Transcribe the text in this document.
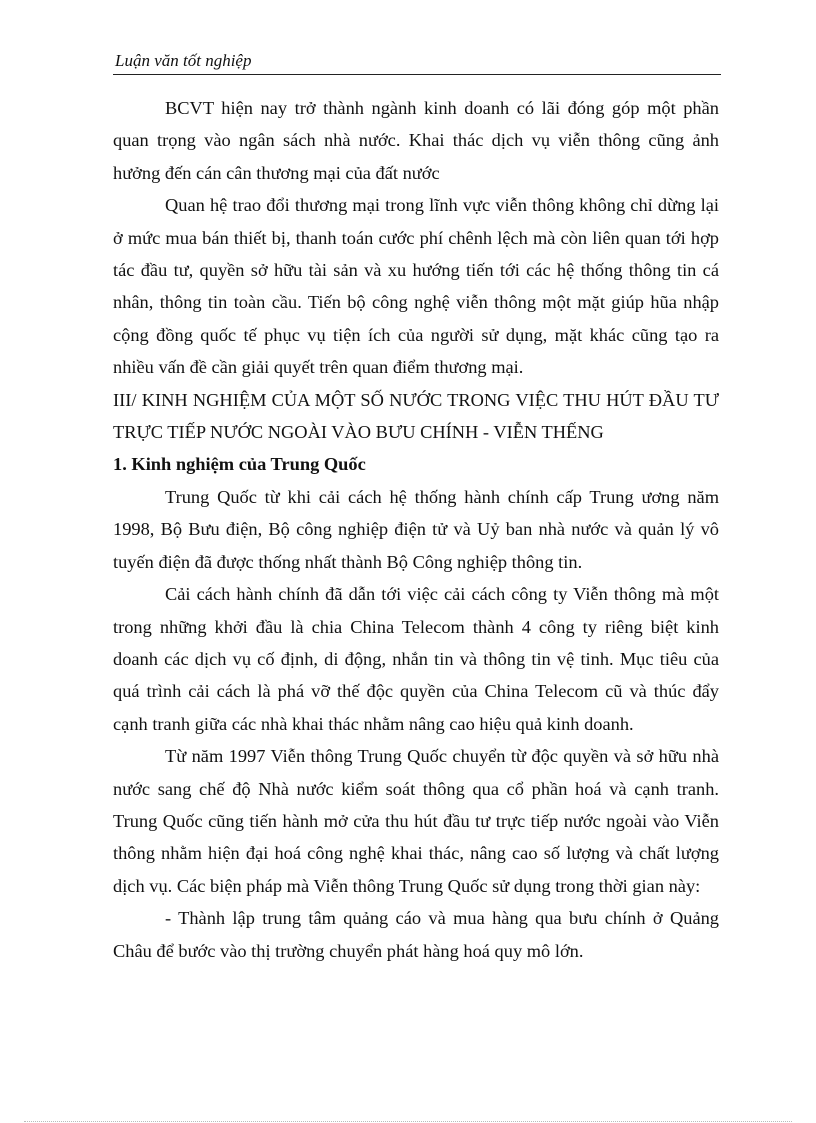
Luận văn tốt nghiệp

BCVT hiện nay trở thành ngành kinh doanh có lãi đóng góp một phần quan trọng vào ngân sách nhà nước. Khai thác dịch vụ viễn thông cũng ảnh hưởng đến cán cân thương mại của đất nước

Quan hệ trao đổi thương mại trong lĩnh vực viễn thông không chỉ dừng lại ở mức mua bán thiết bị, thanh toán cước phí chênh lệch mà còn liên quan tới hợp tác đầu tư, quyền sở hữu tài sản và xu hướng tiến tới các hệ thống thông tin cá nhân, thông tin toàn cầu. Tiến bộ công nghệ viễn thông một mặt giúp hũa nhập cộng đồng quốc tế phục vụ tiện ích của người sử dụng, mặt khác cũng tạo ra nhiều vấn đề cần giải quyết trên quan điểm thương mại.

III/ KINH NGHIỆM CỦA MỘT SỐ NƯỚC TRONG VIỆC THU HÚT ĐẦU TƯ TRỰC TIẾP NƯỚC NGOÀI VÀO BƯU CHÍNH - VIỄN THẾNG

1. Kinh nghiệm của Trung Quốc

Trung Quốc từ khi cải cách hệ thống hành chính cấp Trung ương năm 1998, Bộ Bưu điện, Bộ công nghiệp điện tử và Uỷ ban nhà nước và quản lý vô tuyến điện đã được thống nhất thành Bộ Công nghiệp thông tin.

Cải cách hành chính đã dẫn tới việc cải cách công ty Viễn thông mà một trong những khởi đầu là chia China Telecom thành 4 công ty riêng biệt kinh doanh các dịch vụ cố định, di động, nhắn tin và thông tin vệ tinh. Mục tiêu của quá trình cải cách là phá vỡ thế độc quyền của China Telecom cũ và thúc đẩy cạnh tranh giữa các nhà khai thác nhằm nâng cao hiệu quả kinh doanh.

Từ năm 1997 Viễn thông Trung Quốc chuyển từ độc quyền và sở hữu nhà nước sang chế độ Nhà nước kiểm soát thông qua cổ phần hoá và cạnh tranh. Trung Quốc cũng tiến hành mở cửa thu hút đầu tư trực tiếp nước ngoài vào Viễn thông nhằm hiện đại hoá công nghệ khai thác, nâng cao số lượng và chất lượng dịch vụ. Các biện pháp mà Viễn thông Trung Quốc sử dụng trong thời gian này:

- Thành lập trung tâm quảng cáo và mua hàng qua bưu chính ở Quảng Châu để bước vào thị trường chuyển phát hàng hoá quy mô lớn.
